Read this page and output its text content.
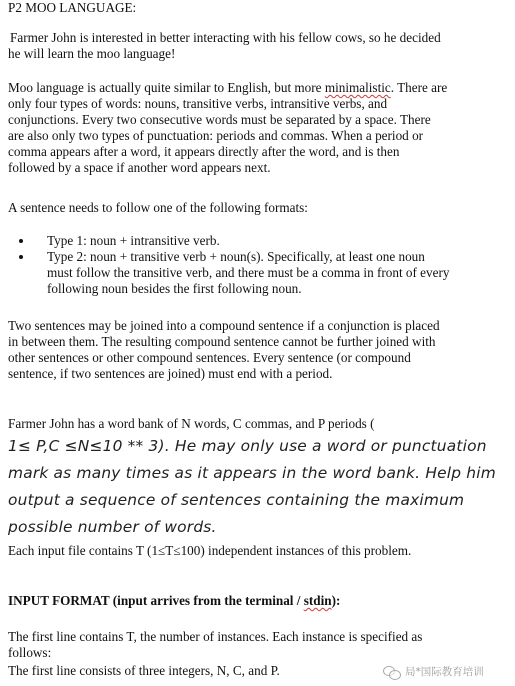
P2 MOO LANGUAGE:
Farmer John is interested in better interacting with his fellow cows, so he decided
he will learn the moo language!
Moo language is actually quite similar to English, but more minimalistic. There are
only four types of words: nouns, transitive verbs, intransitive verbs, and
conjunctions. Every two consecutive words must be separated by a space. There
are also only two types of punctuation: periods and commas. When a period or
comma appears after a word, it appears directly after the word, and is then
followed by a space if another word appears next.
A sentence needs to follow one of the following formats:
Type 1: noun + intransitive verb.
Type 2: noun + transitive verb + noun(s). Specifically, at least one noun
must follow the transitive verb, and there must be a comma in front of every
following noun besides the first following noun.
Two sentences may be joined into a compound sentence if a conjunction is placed
in between them. The resulting compound sentence cannot be further joined with
other sentences or other compound sentences. Every sentence (or compound
sentence, if two sentences are joined) must end with a period.
Farmer John has a word bank of N words, C commas, and P periods (
1≤ P,C ≤N≤10 ** 3). He may only use a word or punctuation
mark as many times as it appears in the word bank. Help him
output a sequence of sentences containing the maximum
possible number of words.
Each input file contains T (1≤T≤100) independent instances of this problem.
INPUT FORMAT (input arrives from the terminal / stdin):
The first line contains T, the number of instances. Each instance is specified as
follows:
The first line consists of three integers, N, C, and P.	局*国际教育培训
